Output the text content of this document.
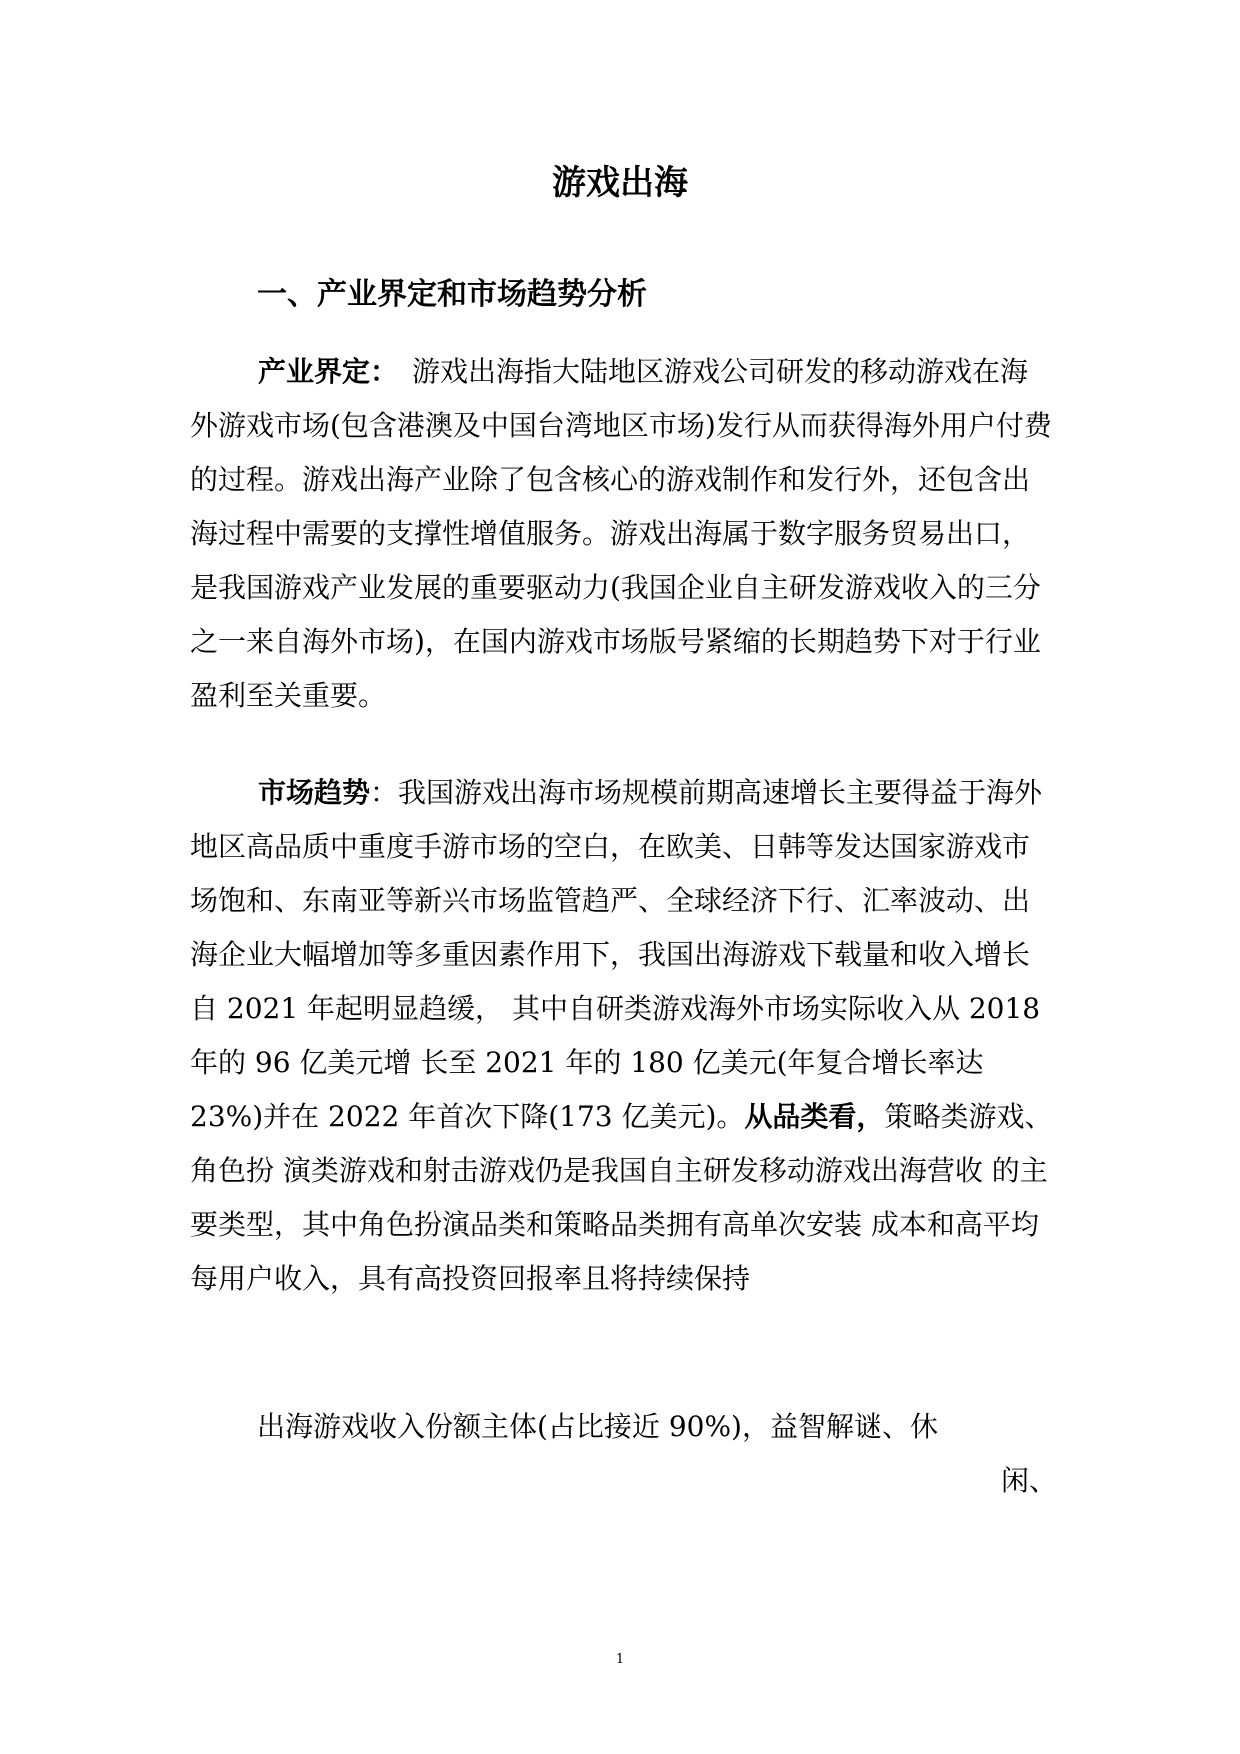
游戏出海
一、产业界定和市场趋势分析

产业界定：　游戏出海指大陆地区游戏公司研发的移动游戏在海外游戏市场(包含港澳及中国台湾地区市场)发行从而获得海外用户付费的过程。游戏出海产业除了包含核心的游戏制作和发行外，还包含出海过程中需要的支撑性增值服务。游戏出海属于数字服务贸易出口，是我国游戏产业发展的重要驱动力(我国企业自主研发游戏收入的三分之一来自海外市场)，在国内游戏市场版号紧缩的长期趋势下对于行业盈利至关重要。

市场趋势：我国游戏出海市场规模前期高速增长主要得益于海外地区高品质中重度手游市场的空白，在欧美、日韩等发达国家游戏市场饱和、东南亚等新兴市场监管趋严、全球经济下行、汇率波动、出海企业大幅增加等多重因素作用下，我国出海游戏下载量和收入增长自 2021 年起明显趋缓， 其中自研类游戏海外市场实际收入从 2018 年的 96 亿美元增 长至 2021 年的 180 亿美元(年复合增长率达 23%)并在 2022 年首次下降(173 亿美元)。从品类看，策略类游戏、角色扮 演类游戏和射击游戏仍是我国自主研发移动游戏出海营收 的主要类型，其中角色扮演品类和策略品类拥有高单次安装 成本和高平均每用户收入，具有高投资回报率且将持续保持

出海游戏收入份额主体(占比接近 90%)，益智解谜、休
闲、

1
